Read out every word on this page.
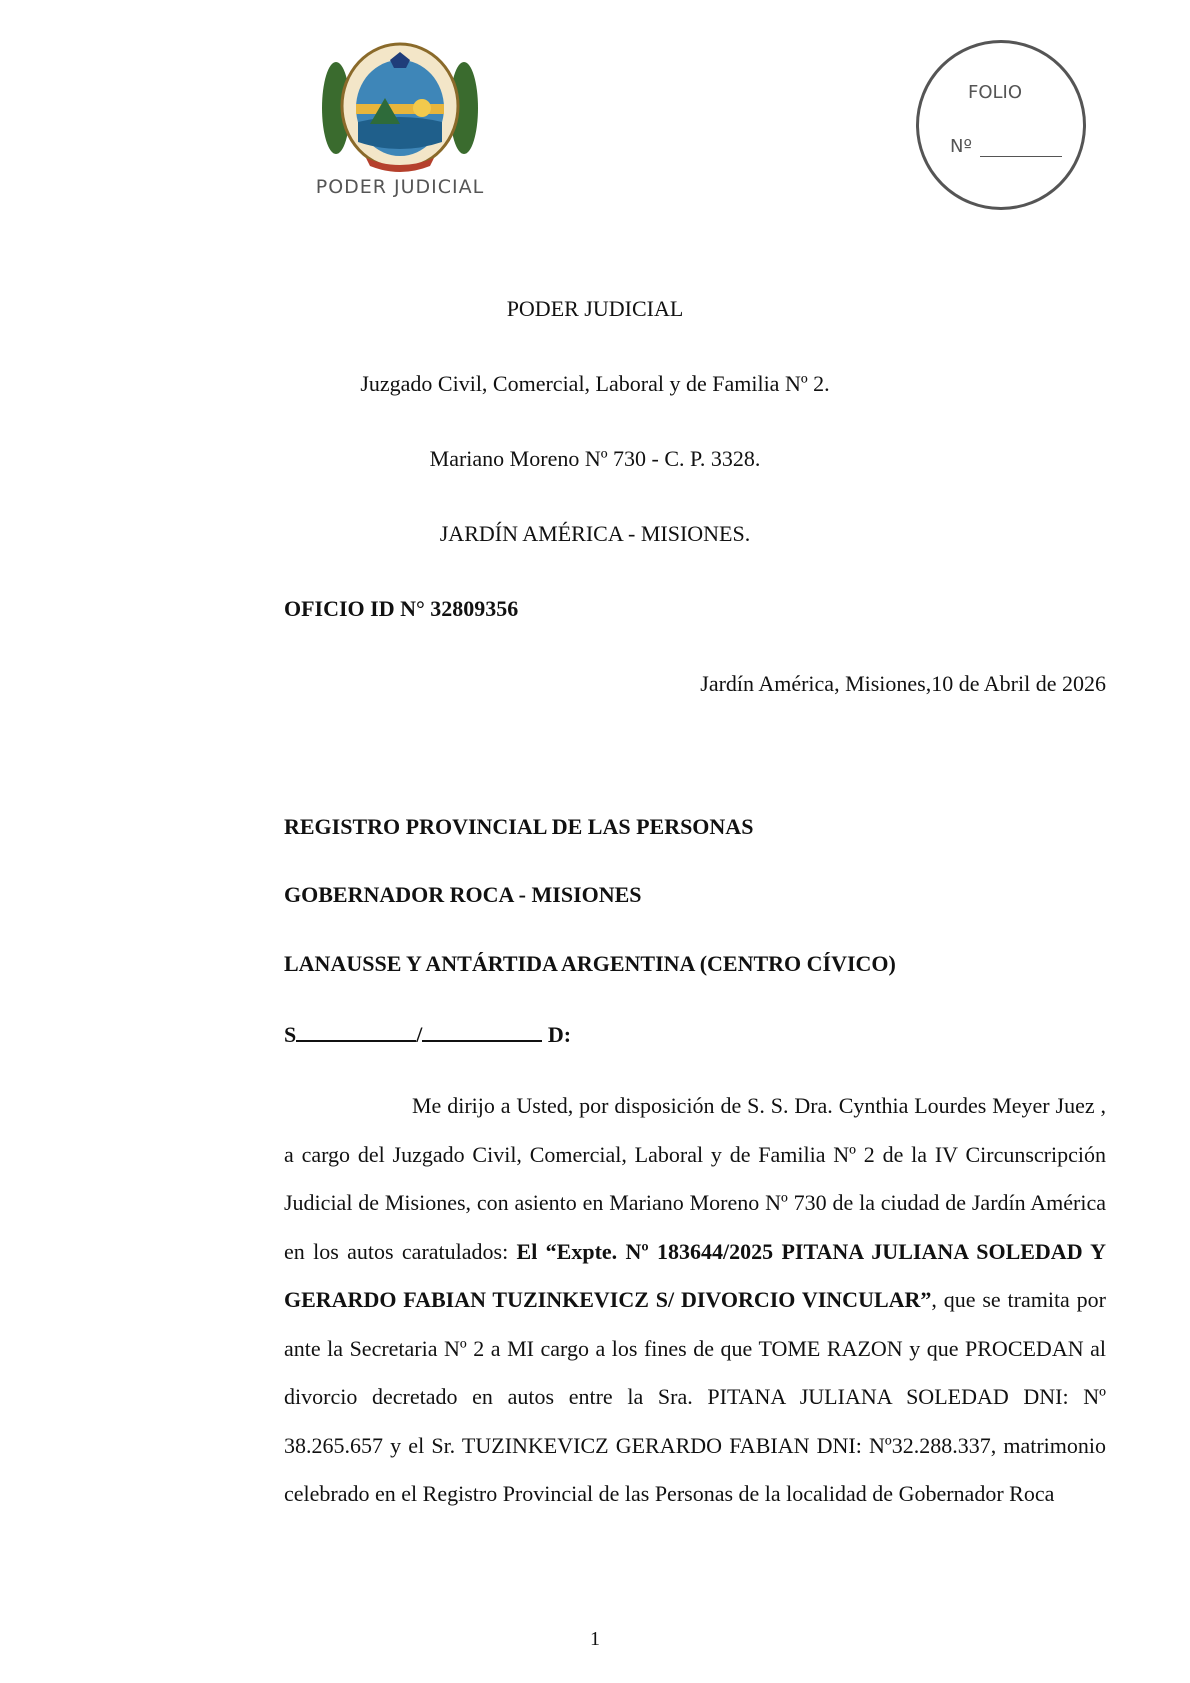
PODER JUDICIAL
FOLIO
Nº
PODER JUDICIAL
Juzgado Civil, Comercial, Laboral y de Familia Nº 2.
Mariano Moreno Nº 730 - C. P. 3328.
JARDÍN AMÉRICA - MISIONES.
OFICIO ID N° 32809356
Jardín América, Misiones,10 de Abril de 2026
REGISTRO PROVINCIAL DE LAS PERSONAS
GOBERNADOR ROCA - MISIONES
LANAUSSE Y ANTÁRTIDA ARGENTINA (CENTRO CÍVICO)
S	/	D:
Me dirijo a Usted, por disposición de S. S. Dra. Cynthia Lourdes Meyer Juez , a cargo del Juzgado Civil, Comercial, Laboral y de Familia Nº 2 de la IV Circunscripción Judicial de Misiones, con asiento en Mariano Moreno Nº 730 de la ciudad de Jardín América en los autos caratulados: El “Expte. Nº 183644/2025 PITANA JULIANA SOLEDAD Y GERARDO FABIAN TUZINKEVICZ S/ DIVORCIO VINCULAR”, que se tramita por ante la Secretaria Nº 2 a MI cargo a los fines de que TOME RAZON y que PROCEDAN al divorcio decretado en autos entre la Sra. PITANA JULIANA SOLEDAD DNI: Nº 38.265.657 y el Sr. TUZINKEVICZ GERARDO FABIAN DNI: Nº32.288.337, matrimonio celebrado en el Registro Provincial de las Personas de la localidad de Gobernador Roca
1
